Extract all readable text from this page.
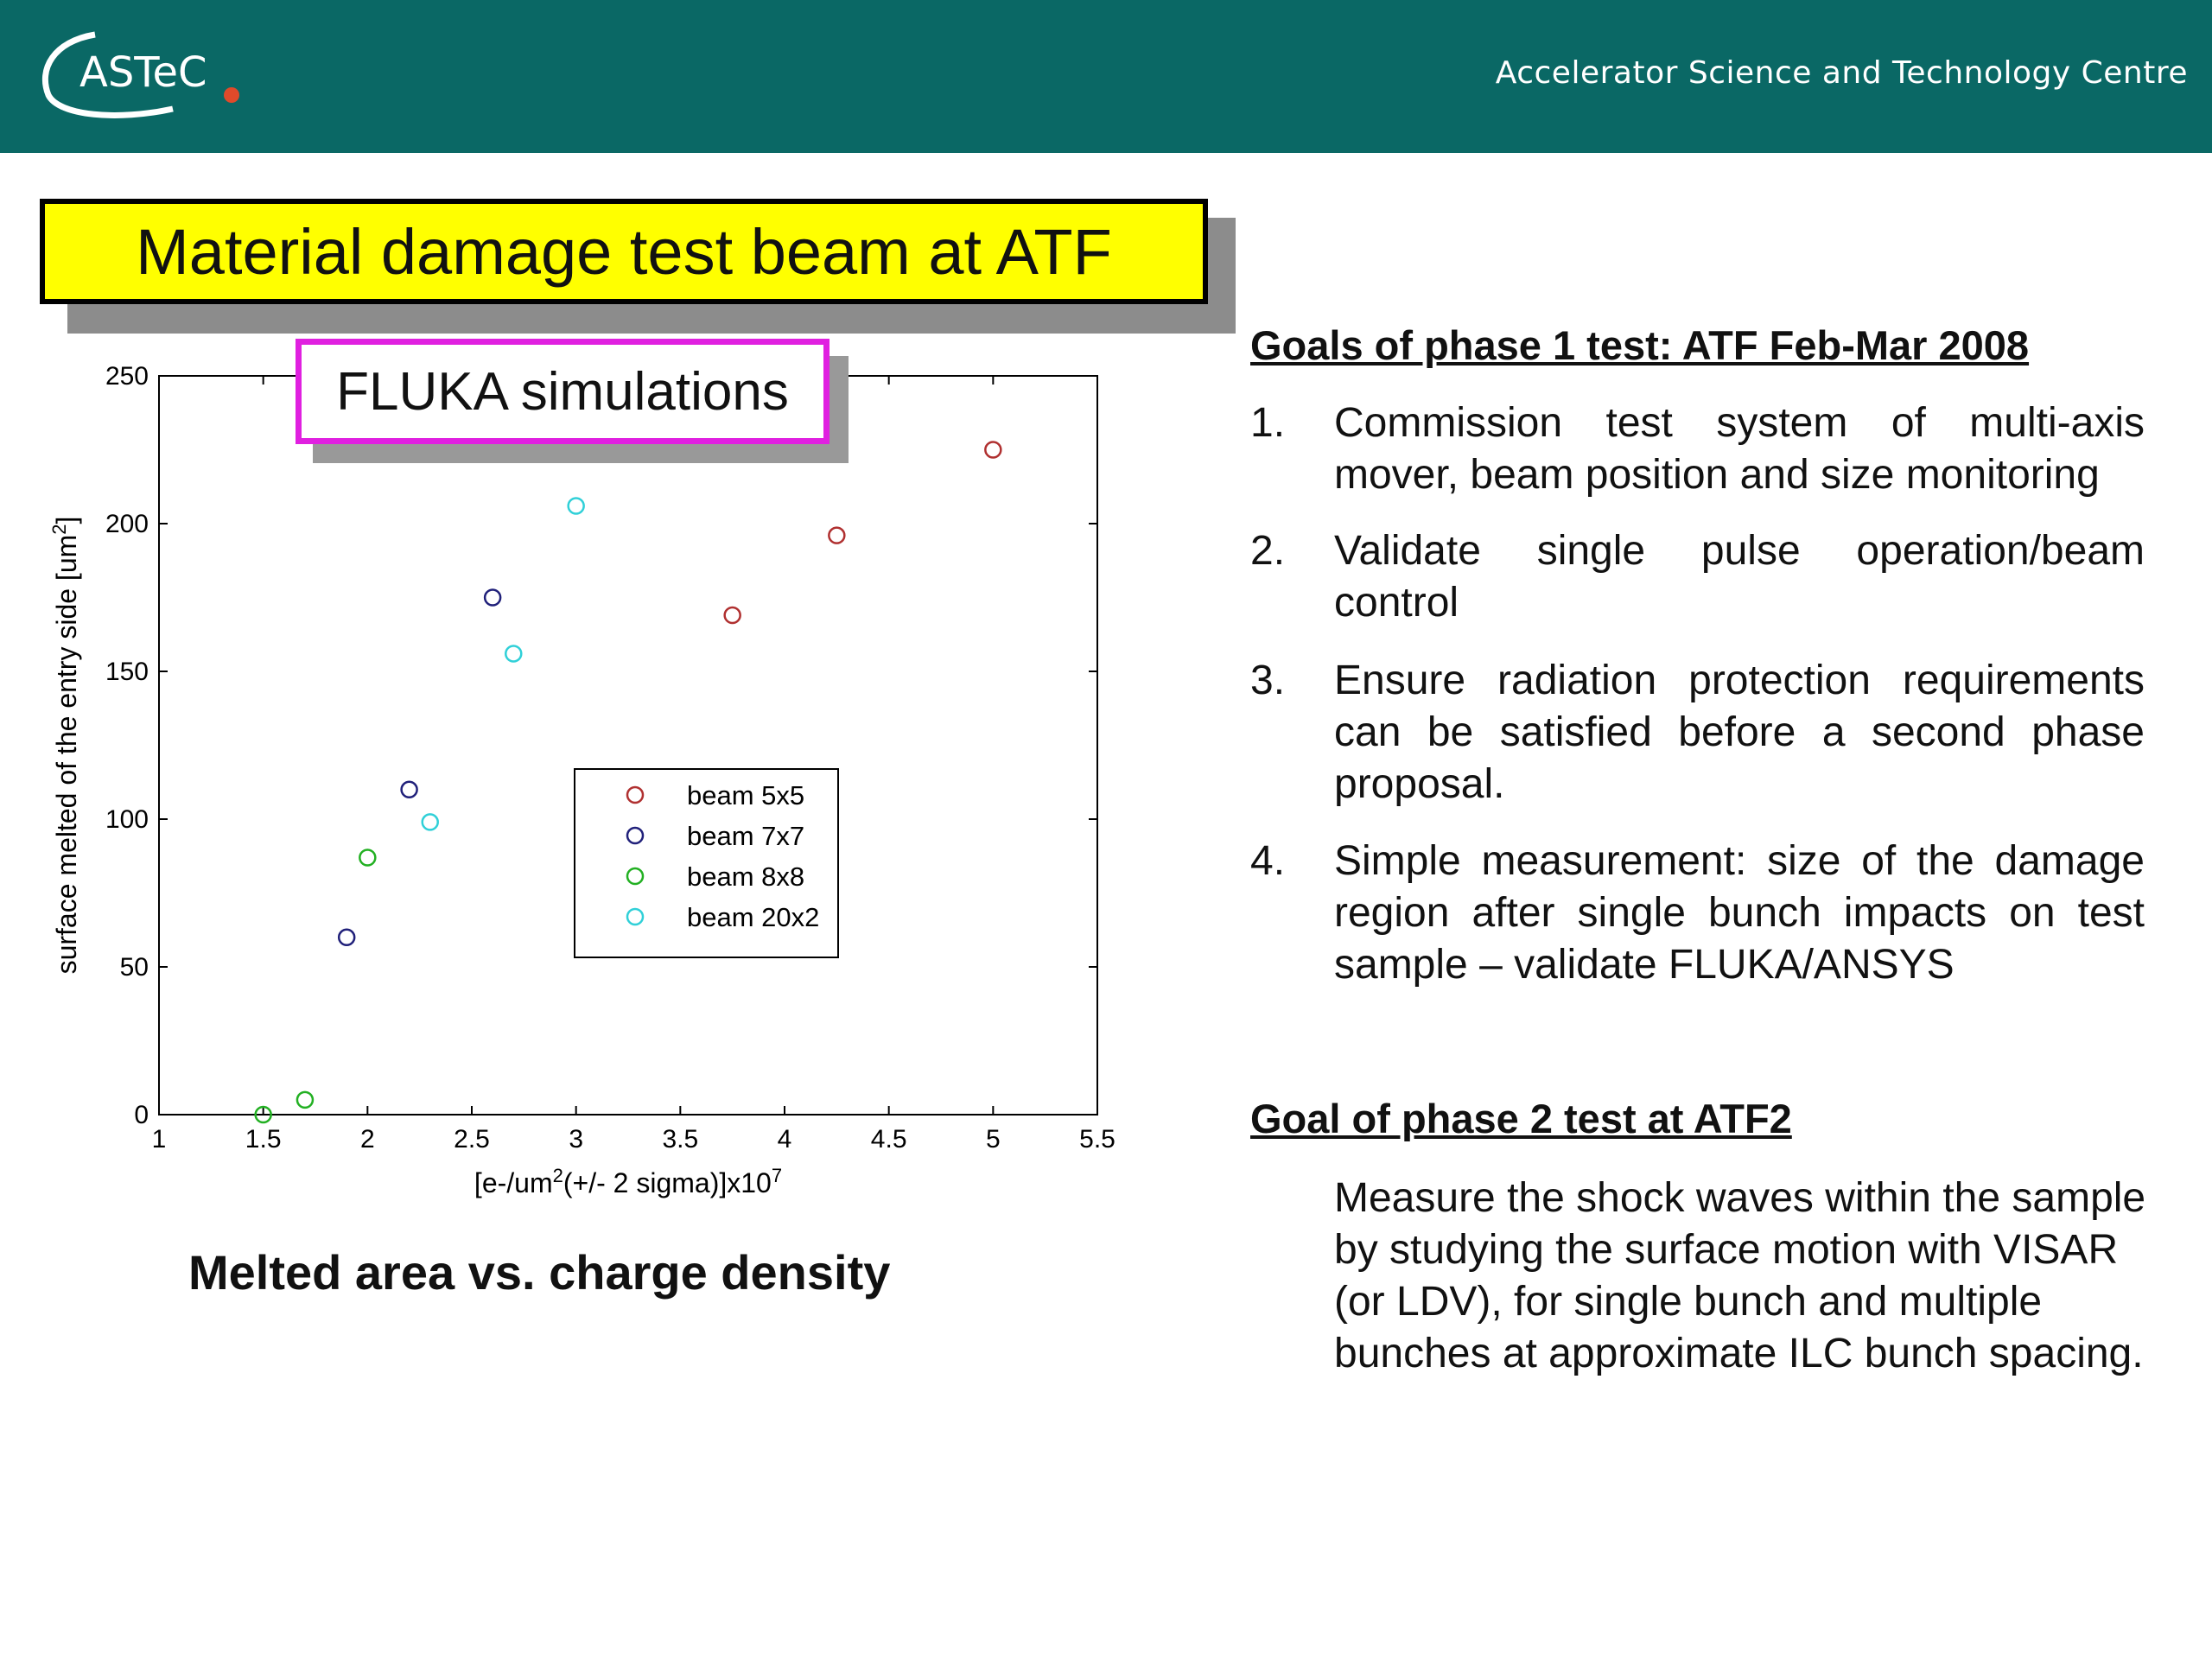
ASTeC	Accelerator Science and Technology Centre
Material damage test beam at ATF
1	1.5	2	2.5	3	3.5	4	4.5	5	5.5
0
50
100
150
200
250
[$e-/um^2(+/-$ 2 $sigma)]x10^7$
surface melted of the entry side $[um^2]$
beam 5x5
beam 7x7
beam 8x8
beam 20x2
FLUKA simulations
Melted area vs. charge density
Goals of phase 1 test: ATF Feb-Mar 2008
1. Commission test system of multi-axis mover, beam position and size monitoring
2. Validate single pulse operation/beam control
3. Ensure radiation protection requirements can be satisfied before a second phase proposal.
4. Simple measurement: size of the damage region after single bunch impacts on test sample – validate FLUKA/ANSYS
Goal of phase 2 test at ATF2
Measure the shock waves within the sample by studying the surface motion with VISAR (or LDV), for single bunch and multiple bunches at approximate ILC bunch spacing.
